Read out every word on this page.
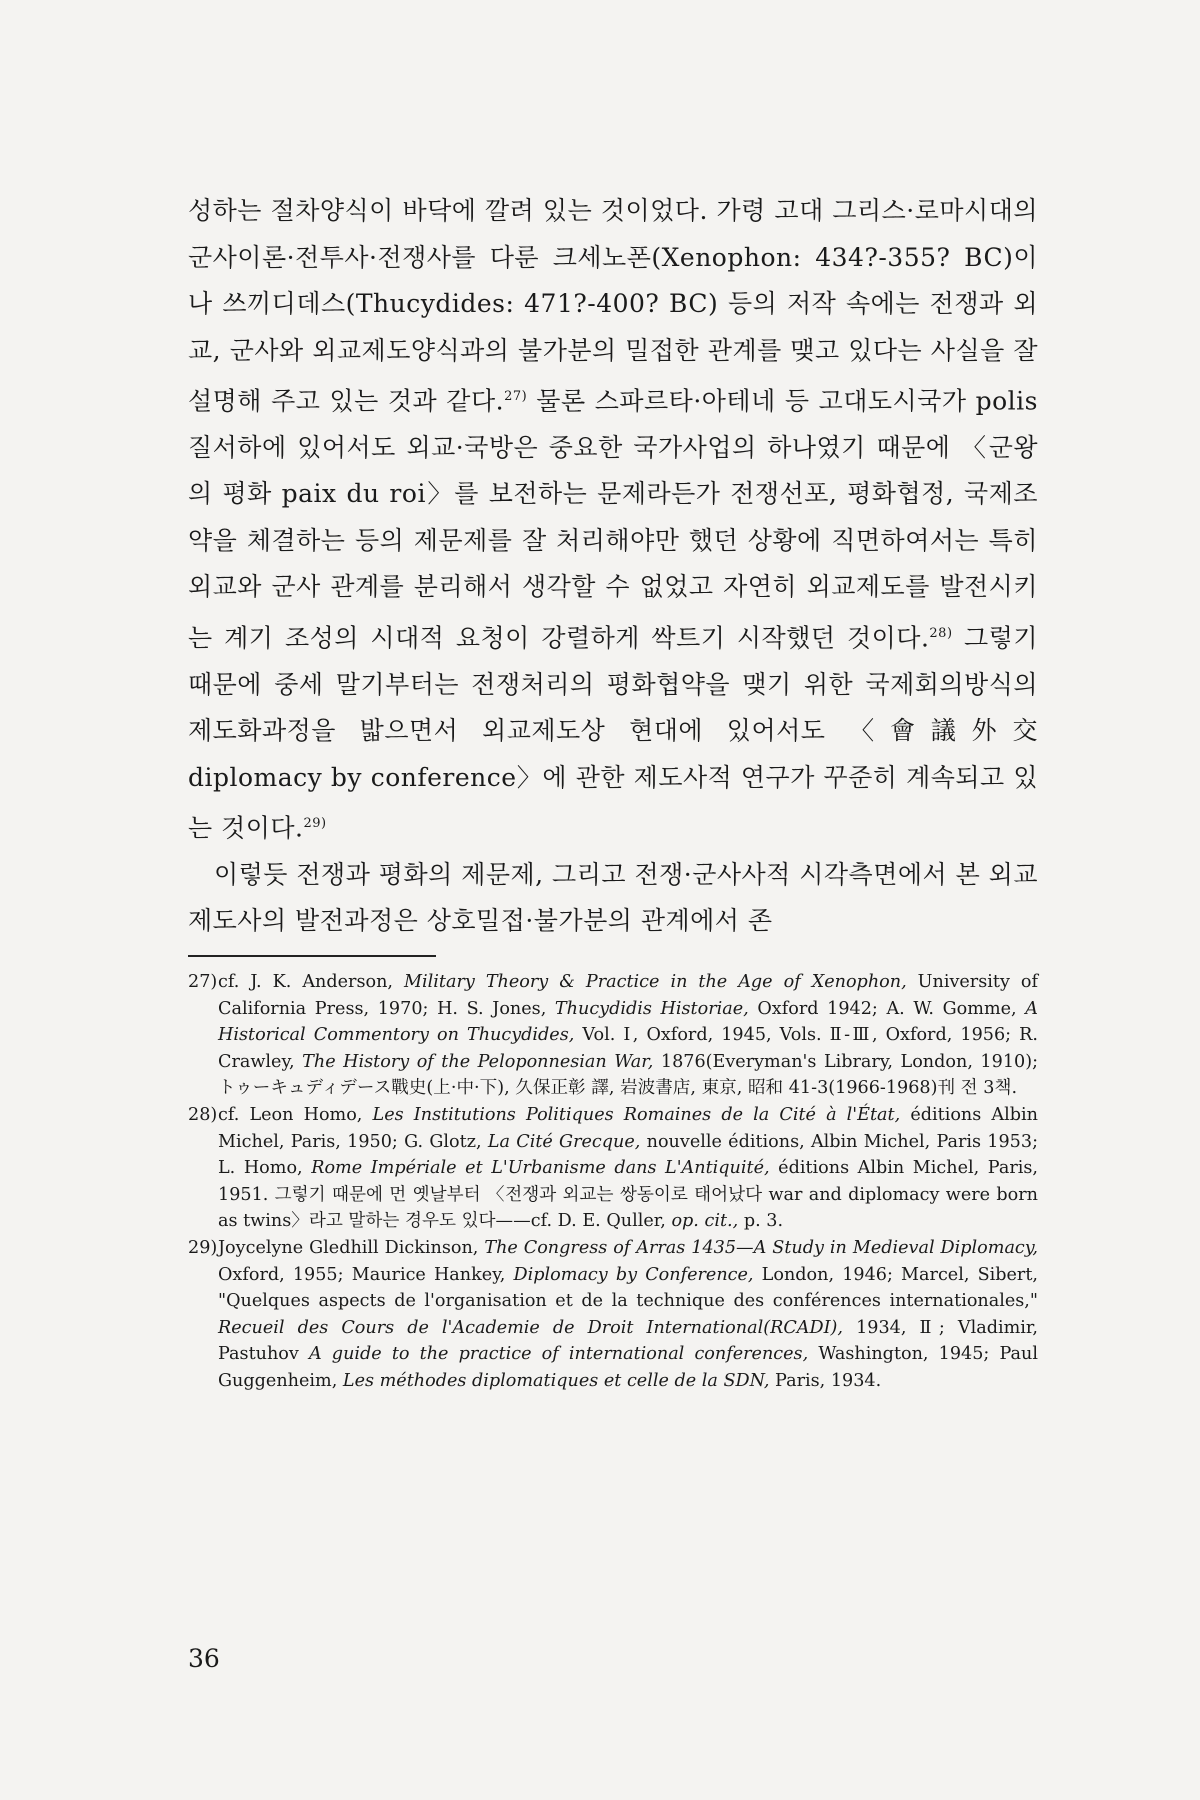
성하는 절차양식이 바닥에 깔려 있는 것이었다. 가령 고대 그리스·로마시대의 군사이론·전투사·전쟁사를 다룬 크세노폰(Xenophon: 434?-355? BC)이나 쓰끼디데스(Thucydides: 471?-400? BC) 등의 저작 속에는 전쟁과 외교, 군사와 외교제도양식과의 불가분의 밀접한 관계를 맺고 있다는 사실을 잘 설명해 주고 있는 것과 같다.$^{27)}$ 물론 스파르타·아테네 등 고대도시국가 polis 질서하에 있어서도 외교·국방은 중요한 국가사업의 하나였기 때문에 〈군왕의 평화 paix du roi〉를 보전하는 문제라든가 전쟁선포, 평화협정, 국제조약을 체결하는 등의 제문제를 잘 처리해야만 했던 상황에 직면하여서는 특히 외교와 군사 관계를 분리해서 생각할 수 없었고 자연히 외교제도를 발전시키는 계기 조성의 시대적 요청이 강렬하게 싹트기 시작했던 것이다.$^{28)}$ 그렇기 때문에 중세 말기부터는 전쟁처리의 평화협약을 맺기 위한 국제회의방식의 제도화과정을 밟으면서 외교제도상 현대에 있어서도 〈會議外交 diplomacy by conference〉에 관한 제도사적 연구가 꾸준히 계속되고 있는 것이다.$^{29)}$

이렇듯 전쟁과 평화의 제문제, 그리고 전쟁·군사사적 시각측면에서 본 외교제도사의 발전과정은 상호밀접·불가분의 관계에서 존

27) cf. J. K. Anderson, Military Theory & Practice in the Age of Xenophon, University of California Press, 1970; H. S. Jones, Thucydidis Historiae, Oxford 1942; A. W. Gomme, A Historical Commentory on Thucydides, Vol. Ⅰ, Oxford, 1945, Vols. Ⅱ-Ⅲ, Oxford, 1956; R. Crawley, The History of the Peloponnesian War, 1876(Everyman's Library, London, 1910); トゥーキュディデース戰史(上·中·下), 久保正彰 譯, 岩波書店, 東京, 昭和 41-3(1966-1968)刊 전 3책.

28) cf. Leon Homo, Les Institutions Politiques Romaines de la Cité à l'État, éditions Albin Michel, Paris, 1950; G. Glotz, La Cité Grecque, nouvelle éditions, Albin Michel, Paris 1953; L. Homo, Rome Impériale et L'Urbanisme dans L'Antiquité, éditions Albin Michel, Paris, 1951. 그렇기 때문에 먼 옛날부터 〈전쟁과 외교는 쌍동이로 태어났다 war and diplomacy were born as twins〉라고 말하는 경우도 있다——cf. D. E. Quller, op. cit., p. 3.

29) Joycelyne Gledhill Dickinson, The Congress of Arras 1435—A Study in Medieval Diplomacy, Oxford, 1955; Maurice Hankey, Diplomacy by Conference, London, 1946; Marcel, Sibert, "Quelques aspects de l'organisation et de la technique des conférences internationales," Recueil des Cours de l'Academie de Droit International(RCADI), 1934, Ⅱ; Vladimir, Pastuhov A guide to the practice of international conferences, Washington, 1945; Paul Guggenheim, Les méthodes diplomatiques et celle de la SDN, Paris, 1934.

36
